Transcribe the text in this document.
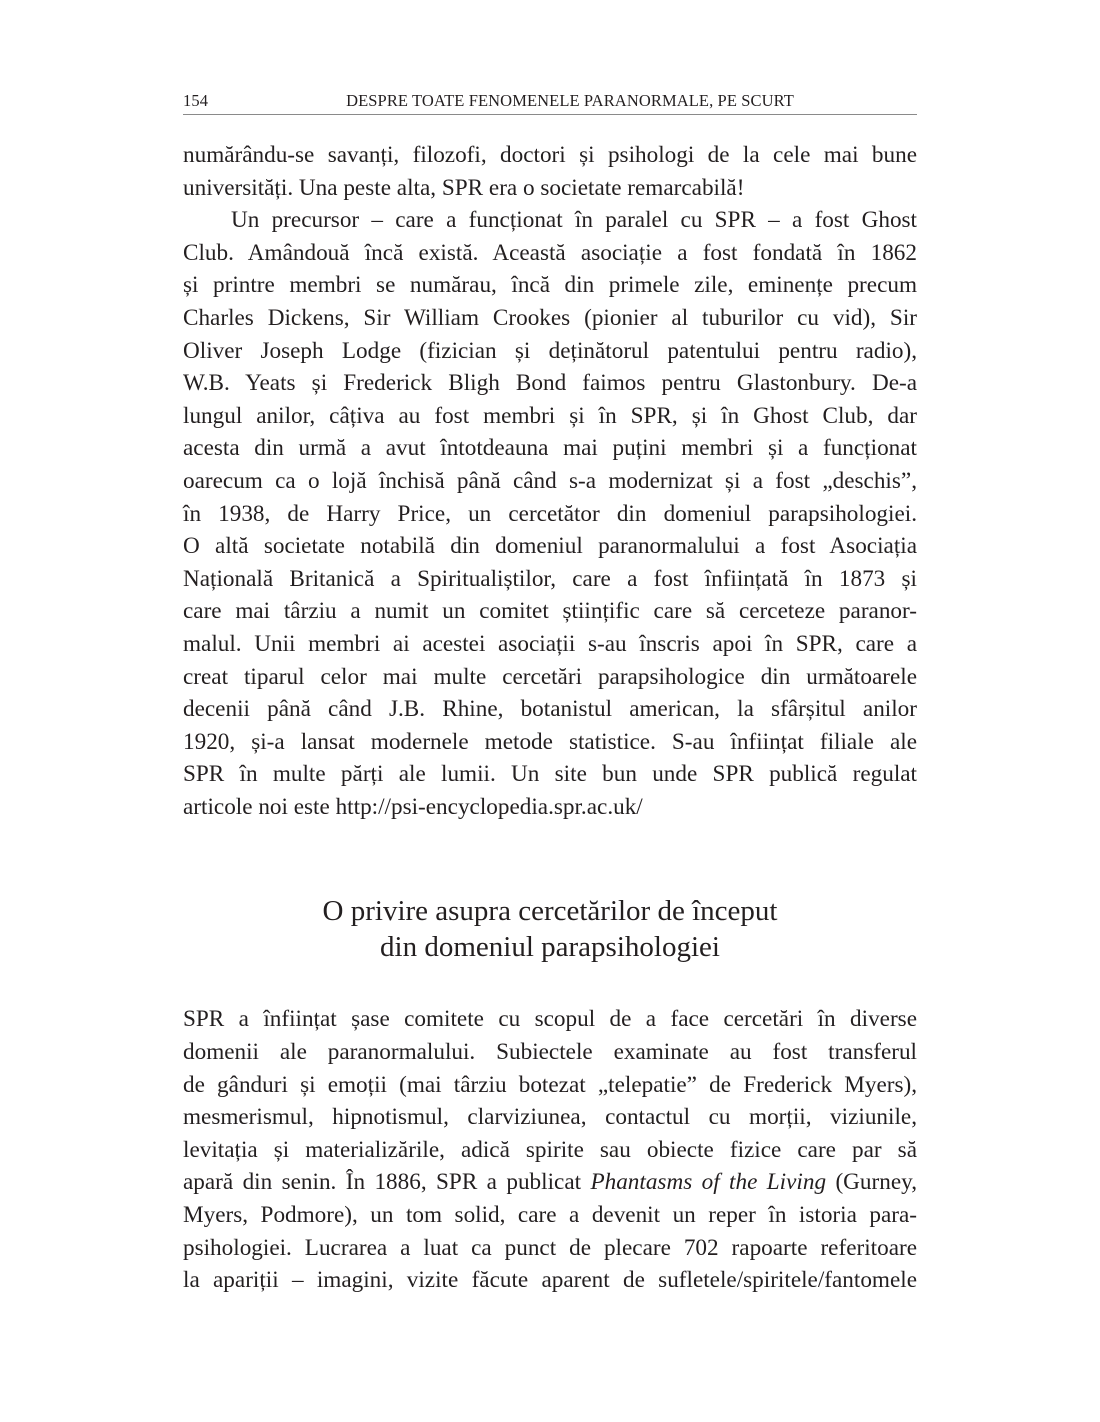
154	DESPRE TOATE FENOMENELE PARANORMALE, PE SCURT

numărându-se savanți, filozofi, doctori și psihologi de la cele mai bune
universități. Una peste alta, SPR era o societate remarcabilă!

Un precursor – care a funcționat în paralel cu SPR – a fost Ghost
Club. Amândouă încă există. Această asociație a fost fondată în 1862
și printre membri se numărau, încă din primele zile, eminențe precum
Charles Dickens, Sir William Crookes (pionier al tuburilor cu vid), Sir
Oliver Joseph Lodge (fizician și deținătorul patentului pentru radio),
W.B. Yeats și Frederick Bligh Bond faimos pentru Glastonbury. De-a
lungul anilor, câțiva au fost membri și în SPR, și în Ghost Club, dar
acesta din urmă a avut întotdeauna mai puțini membri și a funcționat
oarecum ca o lojă închisă până când s-a modernizat și a fost „deschis”,
în 1938, de Harry Price, un cercetător din domeniul parapsihologiei.
O altă societate notabilă din domeniul paranormalului a fost Asociația
Națională Britanică a Spiritualiștilor, care a fost înființată în 1873 și
care mai târziu a numit un comitet științific care să cerceteze paranor-
malul. Unii membri ai acestei asociații s-au înscris apoi în SPR, care a
creat tiparul celor mai multe cercetări parapsihologice din următoarele
decenii până când J.B. Rhine, botanistul american, la sfârșitul anilor
1920, și-a lansat modernele metode statistice. S-au înființat filiale ale
SPR în multe părți ale lumii. Un site bun unde SPR publică regulat
articole noi este http://psi-encyclopedia.spr.ac.uk/

O privire asupra cercetărilor de început
din domeniul parapsihologiei

SPR a înființat șase comitete cu scopul de a face cercetări în diverse
domenii ale paranormalului. Subiectele examinate au fost transferul
de gânduri și emoții (mai târziu botezat „telepatie” de Frederick Myers),
mesmerismul, hipnotismul, clarviziunea, contactul cu morții, viziunile,
levitația și materializările, adică spirite sau obiecte fizice care par să
apară din senin. În 1886, SPR a publicat Phantasms of the Living (Gurney,
Myers, Podmore), un tom solid, care a devenit un reper în istoria para-
psihologiei. Lucrarea a luat ca punct de plecare 702 rapoarte referitoare
la apariții – imagini, vizite făcute aparent de sufletele/spiritele/fantomele
